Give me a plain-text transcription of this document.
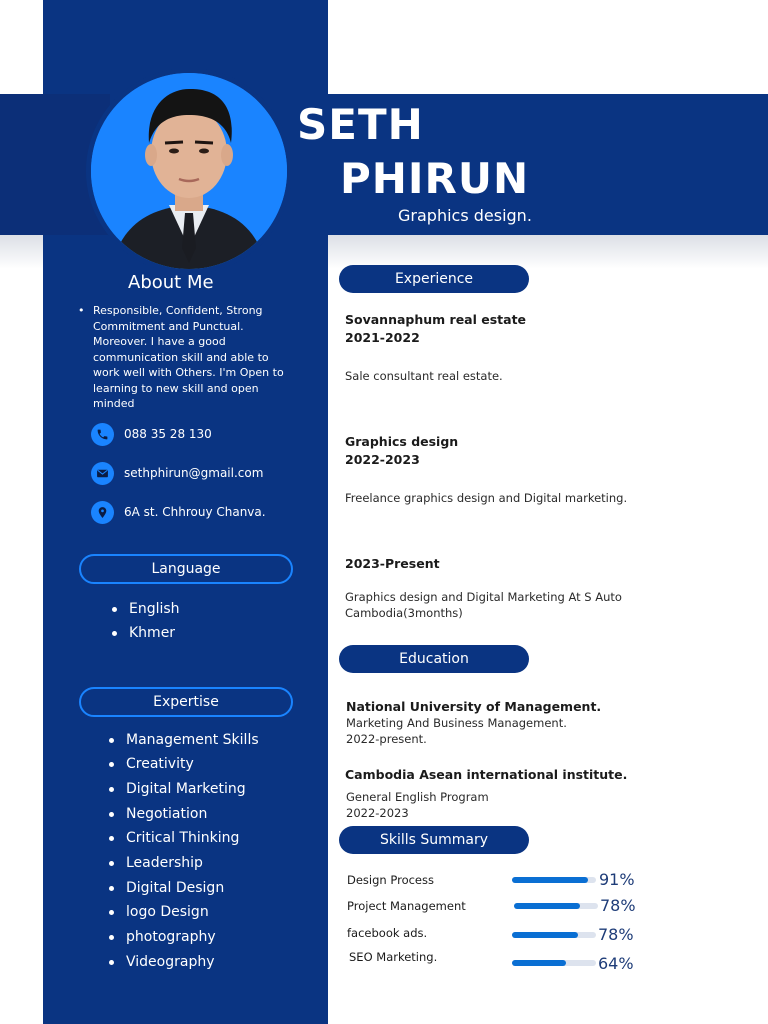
SETH
PHIRUN
Graphics design.
About Me
• Responsible, Confident, Strong Commitment and Punctual. Moreover. I have a good communication skill and able to work well with Others. I'm Open to learning to new skill and open minded
088 35 28 130
sethphirun@gmail.com
6A st. Chhrouy Chanva.
Language
English
Khmer
Expertise
Management Skills
Creativity
Digital Marketing
Negotiation
Critical Thinking
Leadership
Digital Design
logo Design
photography
Videography
Experience
Sovannaphum real estate
2021-2022
Sale consultant real estate.
Graphics design
2022-2023
Freelance graphics design and Digital marketing.
2023-Present
Graphics design and Digital Marketing At S Auto Cambodia(3months)
Education
National University of Management.
Marketing And Business Management.
2022-present.
Cambodia Asean international institute.
General English Program
2022-2023
Skills Summary
Design Process	91%
Project Management	78%
facebook ads.	78%
SEO Marketing.	64%
